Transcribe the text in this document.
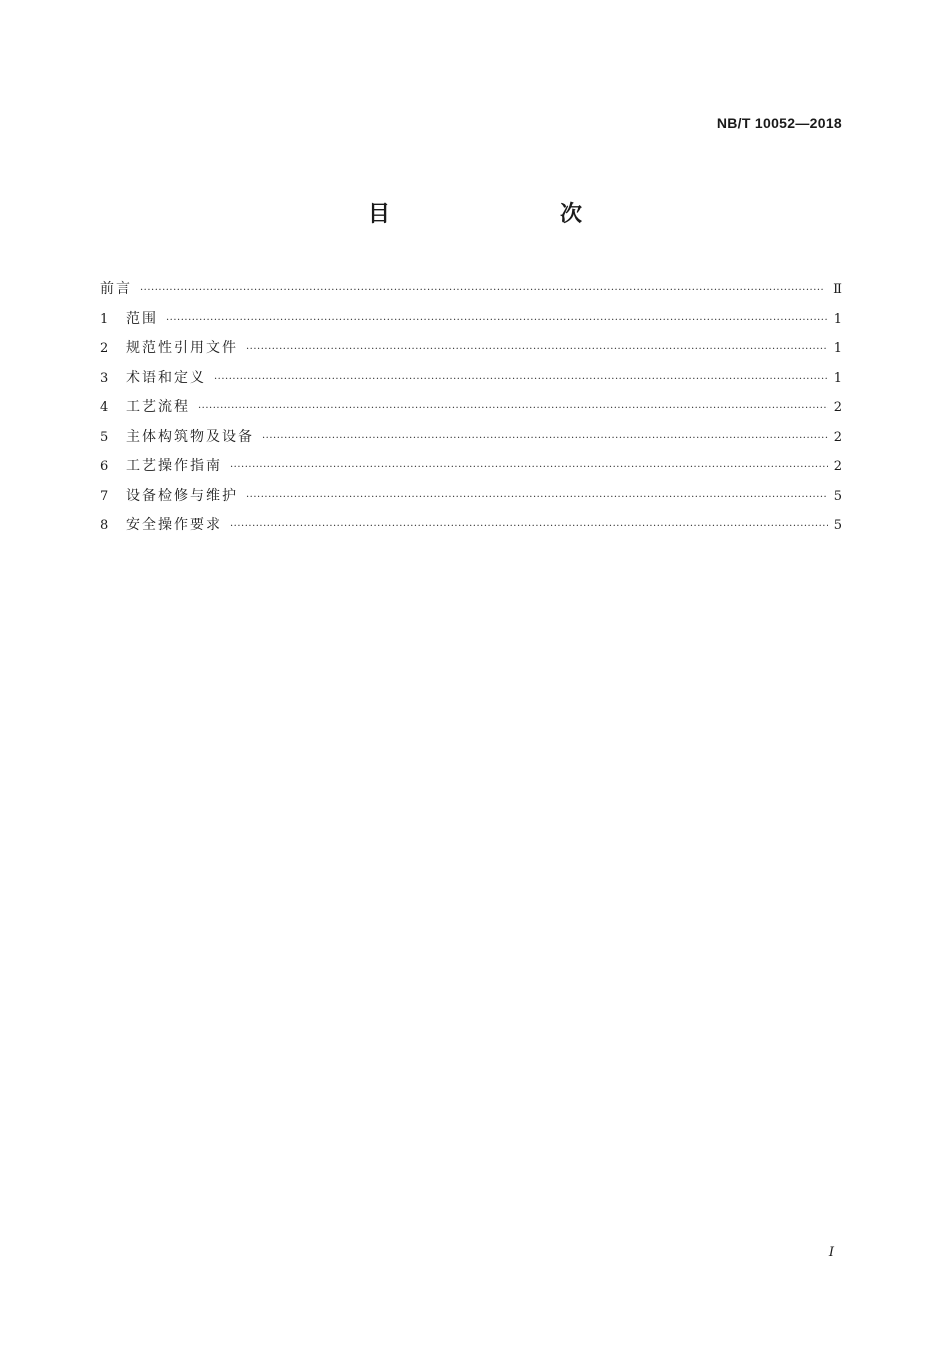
NB/T 10052—2018
目　　次
前言 ·····	Ⅱ
1	范围 ·····	1
2	规范性引用文件 ·····	1
3	术语和定义 ·····	1
4	工艺流程 ·····	2
5	主体构筑物及设备 ·····	2
6	工艺操作指南 ·····	2
7	设备检修与维护 ·····	5
8	安全操作要求 ·····	5
Ⅰ
